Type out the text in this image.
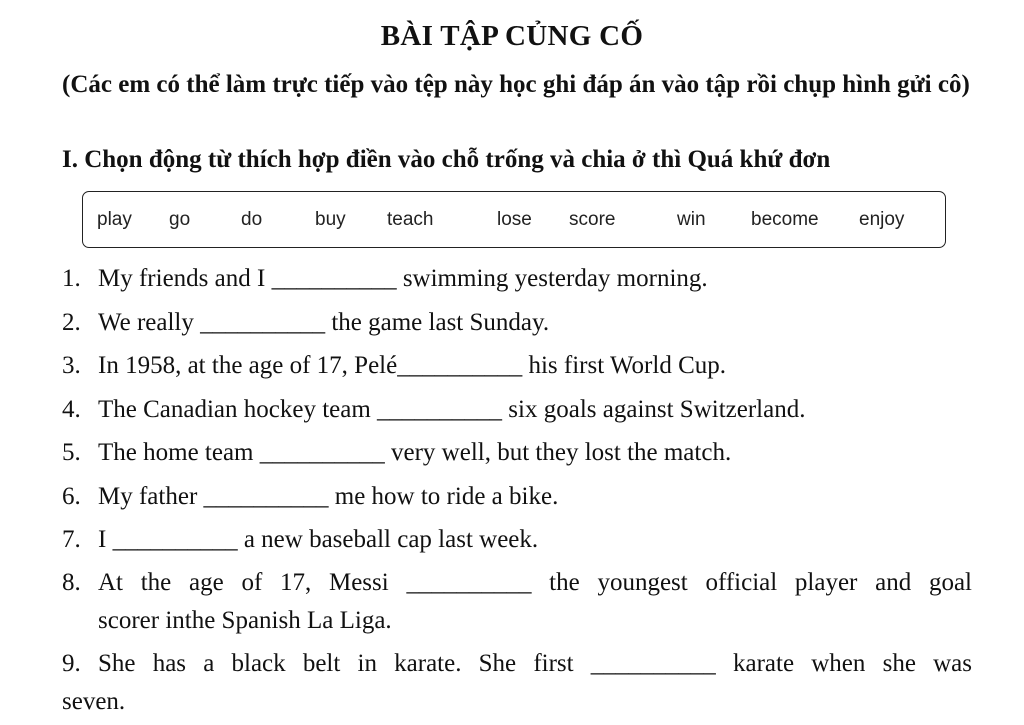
BÀI TẬP CỦNG CỐ
(Các em có thể làm trực tiếp vào tệp này học ghi đáp án vào tập rồi chụp hình gửi cô)
I. Chọn động từ thích hợp điền vào chỗ trống và chia ở thì Quá khứ đơn
play go	do	buy teach	lose score	win become enjoy
1. My friends and I __________ swimming yesterday morning.
2. We really __________ the game last Sunday.
3. In 1958, at the age of 17, Pelé__________ his first World Cup.
4. The Canadian hockey team __________ six goals against Switzerland.
5. The home team __________ very well, but they lost the match.
6. My father __________ me how to ride a bike.
7. I __________ a new baseball cap last week.
8. At the age of 17, Messi __________ the youngest official player and goal
scorer inthe Spanish La Liga.
9. She has a black belt in karate. She first __________ karate when she was
seven.
